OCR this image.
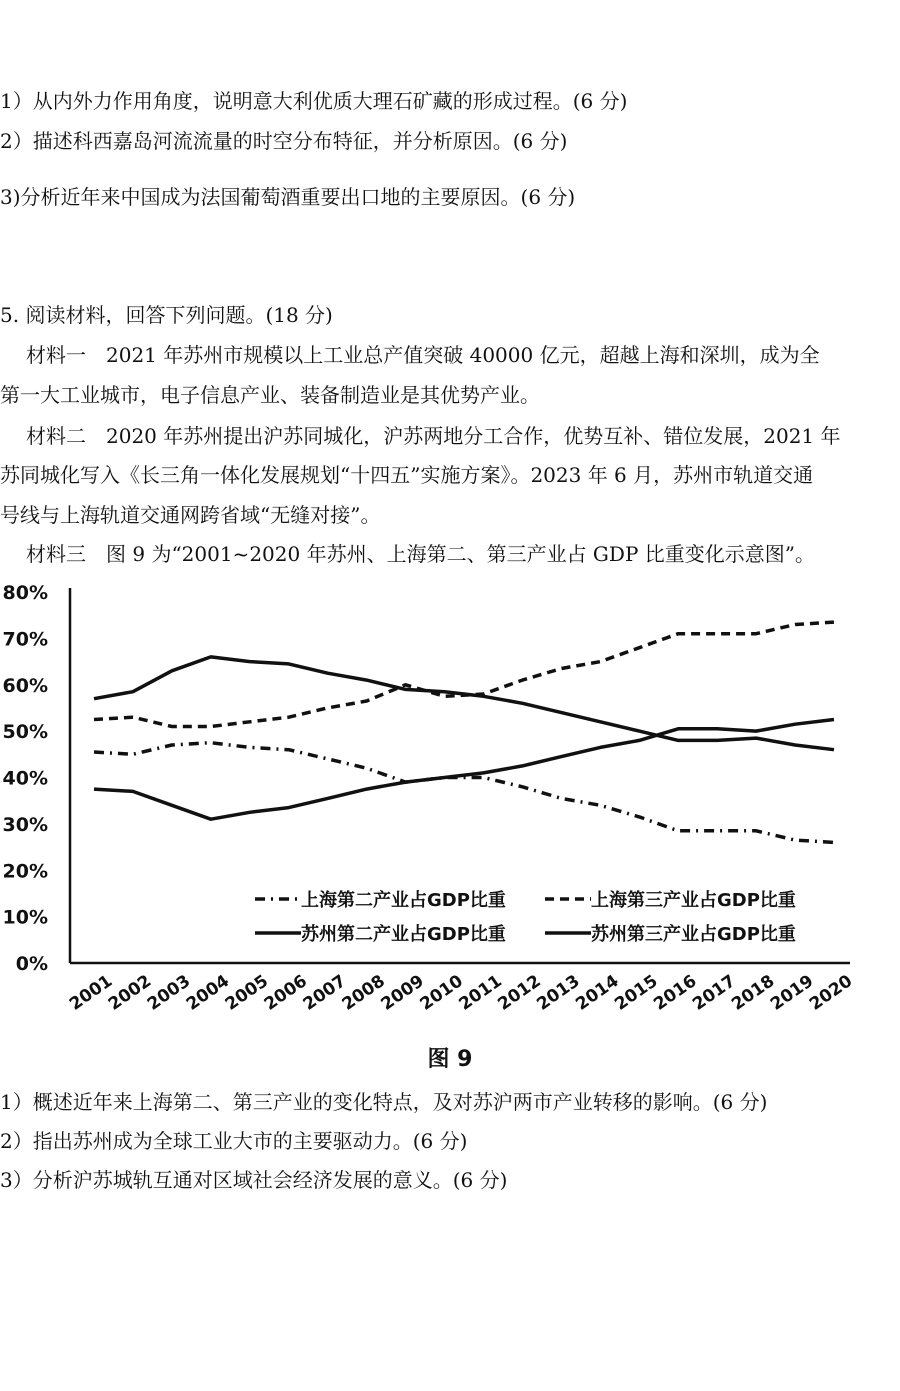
1）从内外力作用角度，说明意大利优质大理石矿藏的形成过程。(6 分)
2）描述科西嘉岛河流流量的时空分布特征，并分析原因。(6 分)
3)分析近年来中国成为法国葡萄酒重要出口地的主要原因。(6 分)
5. 阅读材料，回答下列问题。(18 分)
材料一　2021 年苏州市规模以上工业总产值突破 40000 亿元，超越上海和深圳，成为全
第一大工业城市，电子信息产业、装备制造业是其优势产业。
材料二　2020 年苏州提出沪苏同城化，沪苏两地分工合作，优势互补、错位发展，2021 年
苏同城化写入《长三角一体化发展规划“十四五”实施方案》。2023 年 6 月，苏州市轨道交通
号线与上海轨道交通网跨省域“无缝对接”。
材料三　图 9 为“2001~2020 年苏州、上海第二、第三产业占 GDP 比重变化示意图”。
0%
10%
20%
30%
40%
50%
60%
70%
80%
2001
2002
2003
2004
2005
2006
2007
2008
2009
2010
2011
2012
2013
2014
2015
2016
2017
2018
2019
2020
上海第二产业占GDP比重	上海第三产业占GDP比重
苏州第二产业占GDP比重	苏州第三产业占GDP比重
图 9
1）概述近年来上海第二、第三产业的变化特点，及对苏沪两市产业转移的影响。(6 分)
2）指出苏州成为全球工业大市的主要驱动力。(6 分)
3）分析沪苏城轨互通对区域社会经济发展的意义。(6 分)
